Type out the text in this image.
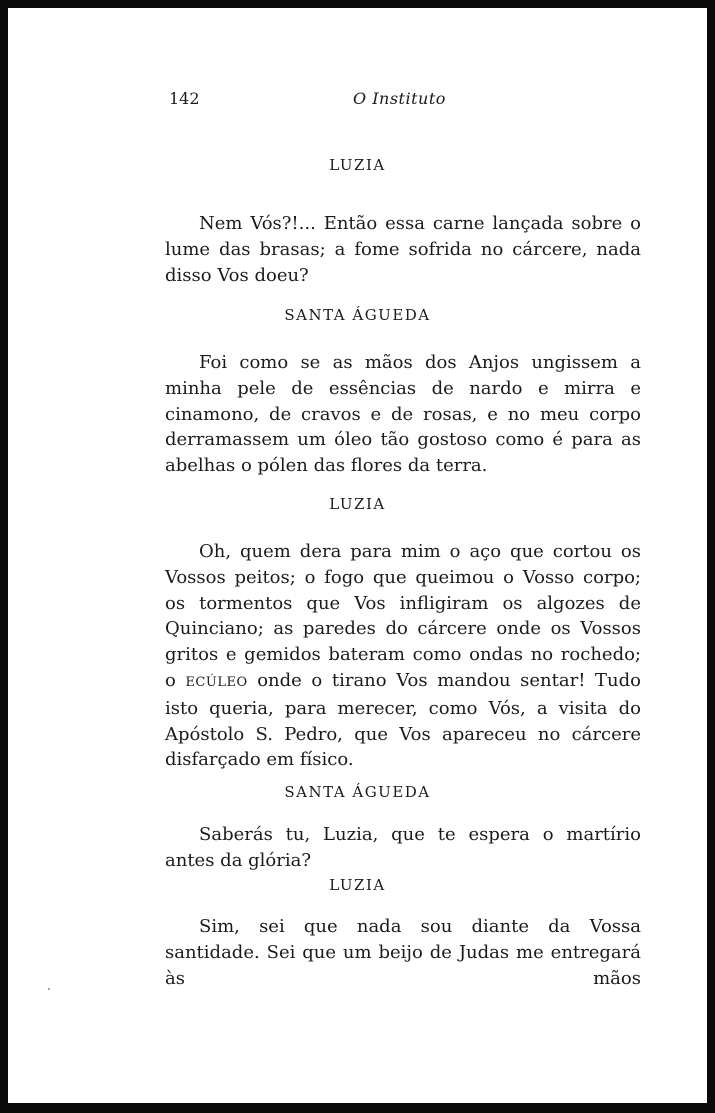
142	O Instituto
LUZIA

Nem Vós?!... Então essa carne lançada sobre o lume das brasas; a fome sofrida no cárcere, nada disso Vos doeu?

SANTA ÁGUEDA

Foi como se as mãos dos Anjos ungissem a minha pele de essências de nardo e mirra e cinamono, de cravos e de rosas, e no meu corpo derramassem um óleo tão gostoso como é para as abelhas o pólen das flores da terra.

LUZIA

Oh, quem dera para mim o aço que cortou os Vossos peitos; o fogo que queimou o Vosso corpo; os tormentos que Vos infligiram os algozes de Quinciano; as paredes do cárcere onde os Vossos gritos e gemidos bateram como ondas no rochedo; o ECÚLEO onde o tirano Vos mandou sentar! Tudo isto queria, para merecer, como Vós, a visita do Apóstolo S. Pedro, que Vos apareceu no cárcere disfarçado em físico.

SANTA ÁGUEDA

Saberás tu, Luzia, que te espera o martírio antes da glória?

LUZIA

Sim, sei que nada sou diante da Vossa santidade. Sei que um beijo de Judas me entregará às mãos
